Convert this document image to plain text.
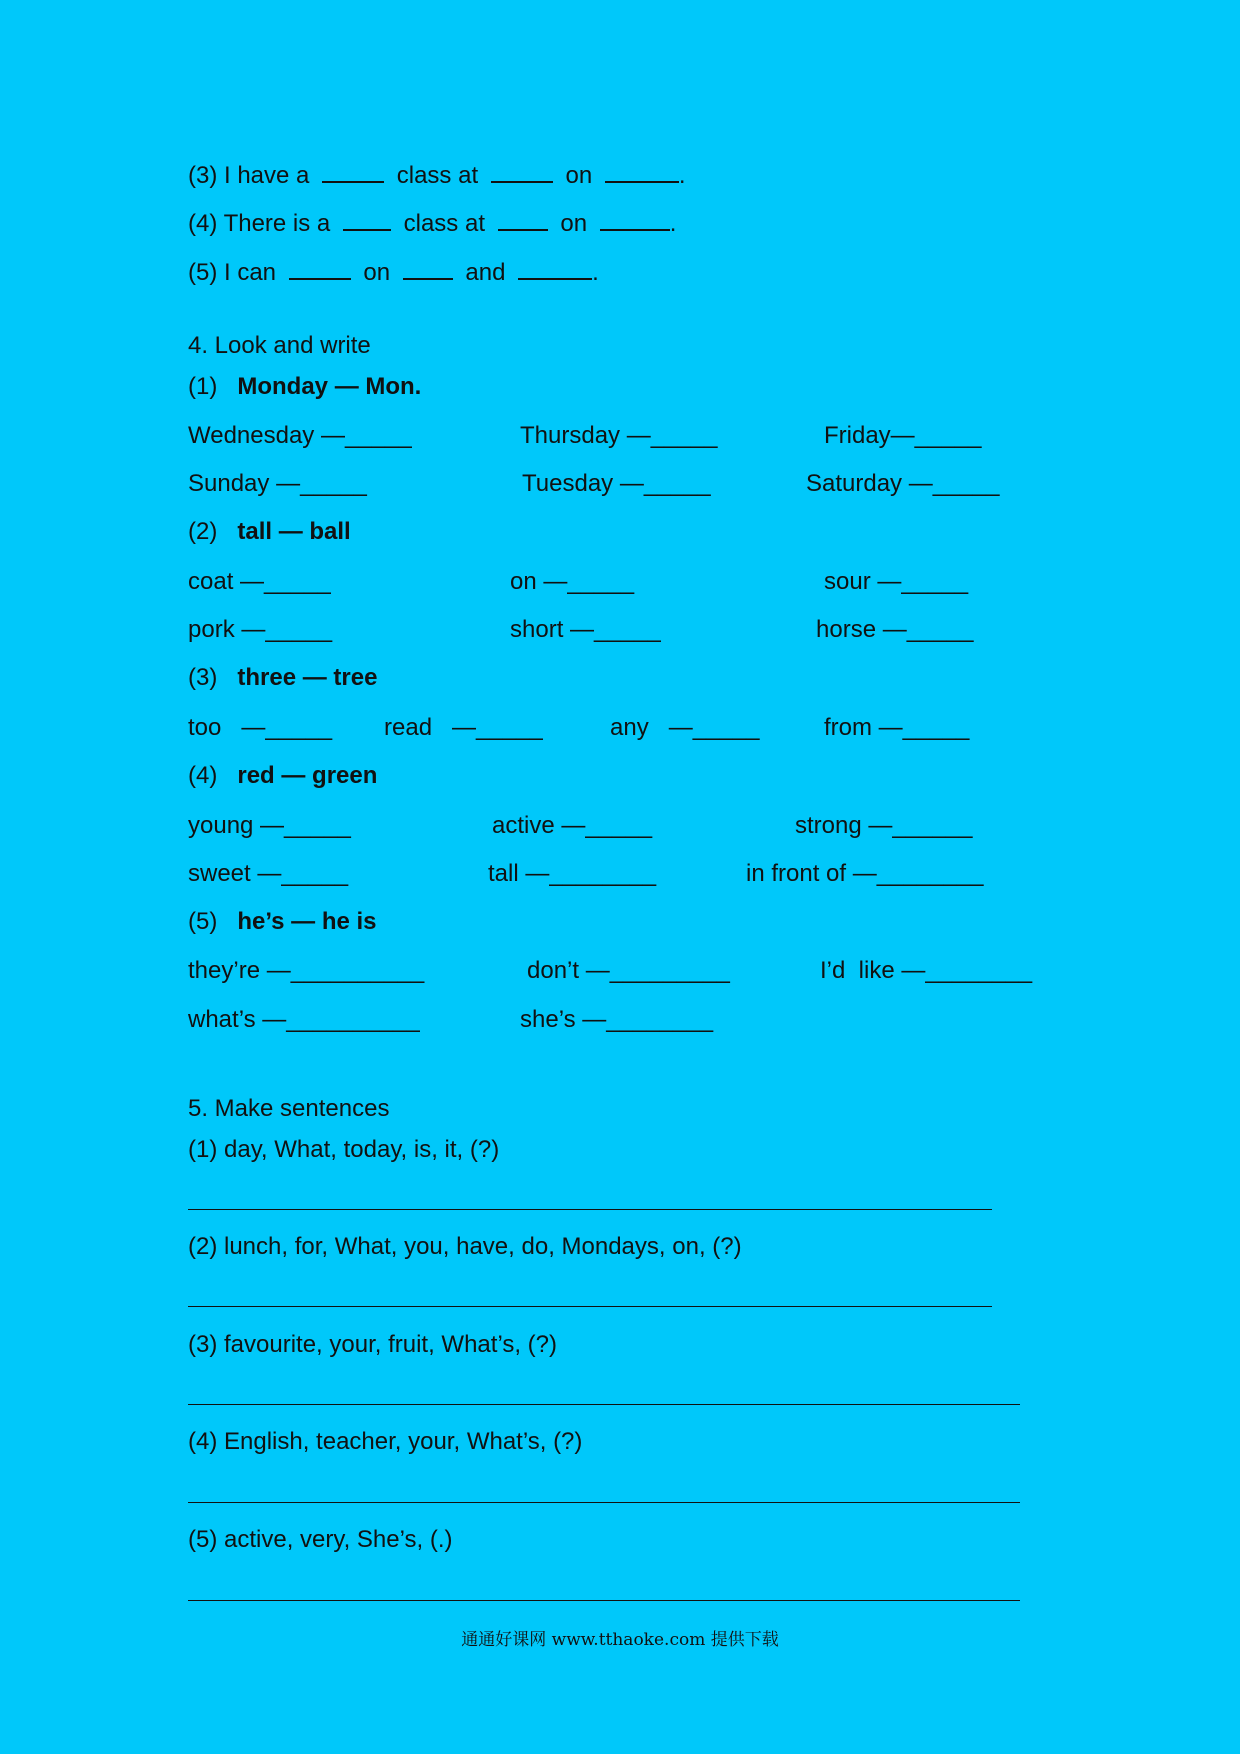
(3) I have a	class at	on	.
(4) There is a	class at	on	.
(5) I can	on	and	.
4. Look and write
(1) Monday — Mon.
Wednesday —_____	Thursday —_____	Friday—_____
Sunday —_____	Tuesday —_____	Saturday —_____
(2) tall — ball
coat —_____	on —_____	sour —_____
pork —_____	short —_____	horse —_____
(3) three — tree
too   —_____ read   —_____	any   —_____	from —_____
(4) red — green
young —_____	active —_____	strong —______
sweet —_____	tall —________	in front of —________
(5) he’s — he is
they’re —__________	don’t —_________	I’d  like —________
what’s —__________	she’s —________
5. Make sentences
(1) day, What, today, is, it, (?)
(2) lunch, for, What, you, have, do, Mondays, on, (?)
(3) favourite, your, fruit, What’s, (?)
(4) English, teacher, your, What’s, (?)
(5) active, very, She’s, (.)
通通好课网 www.tthaoke.com 提供下载
